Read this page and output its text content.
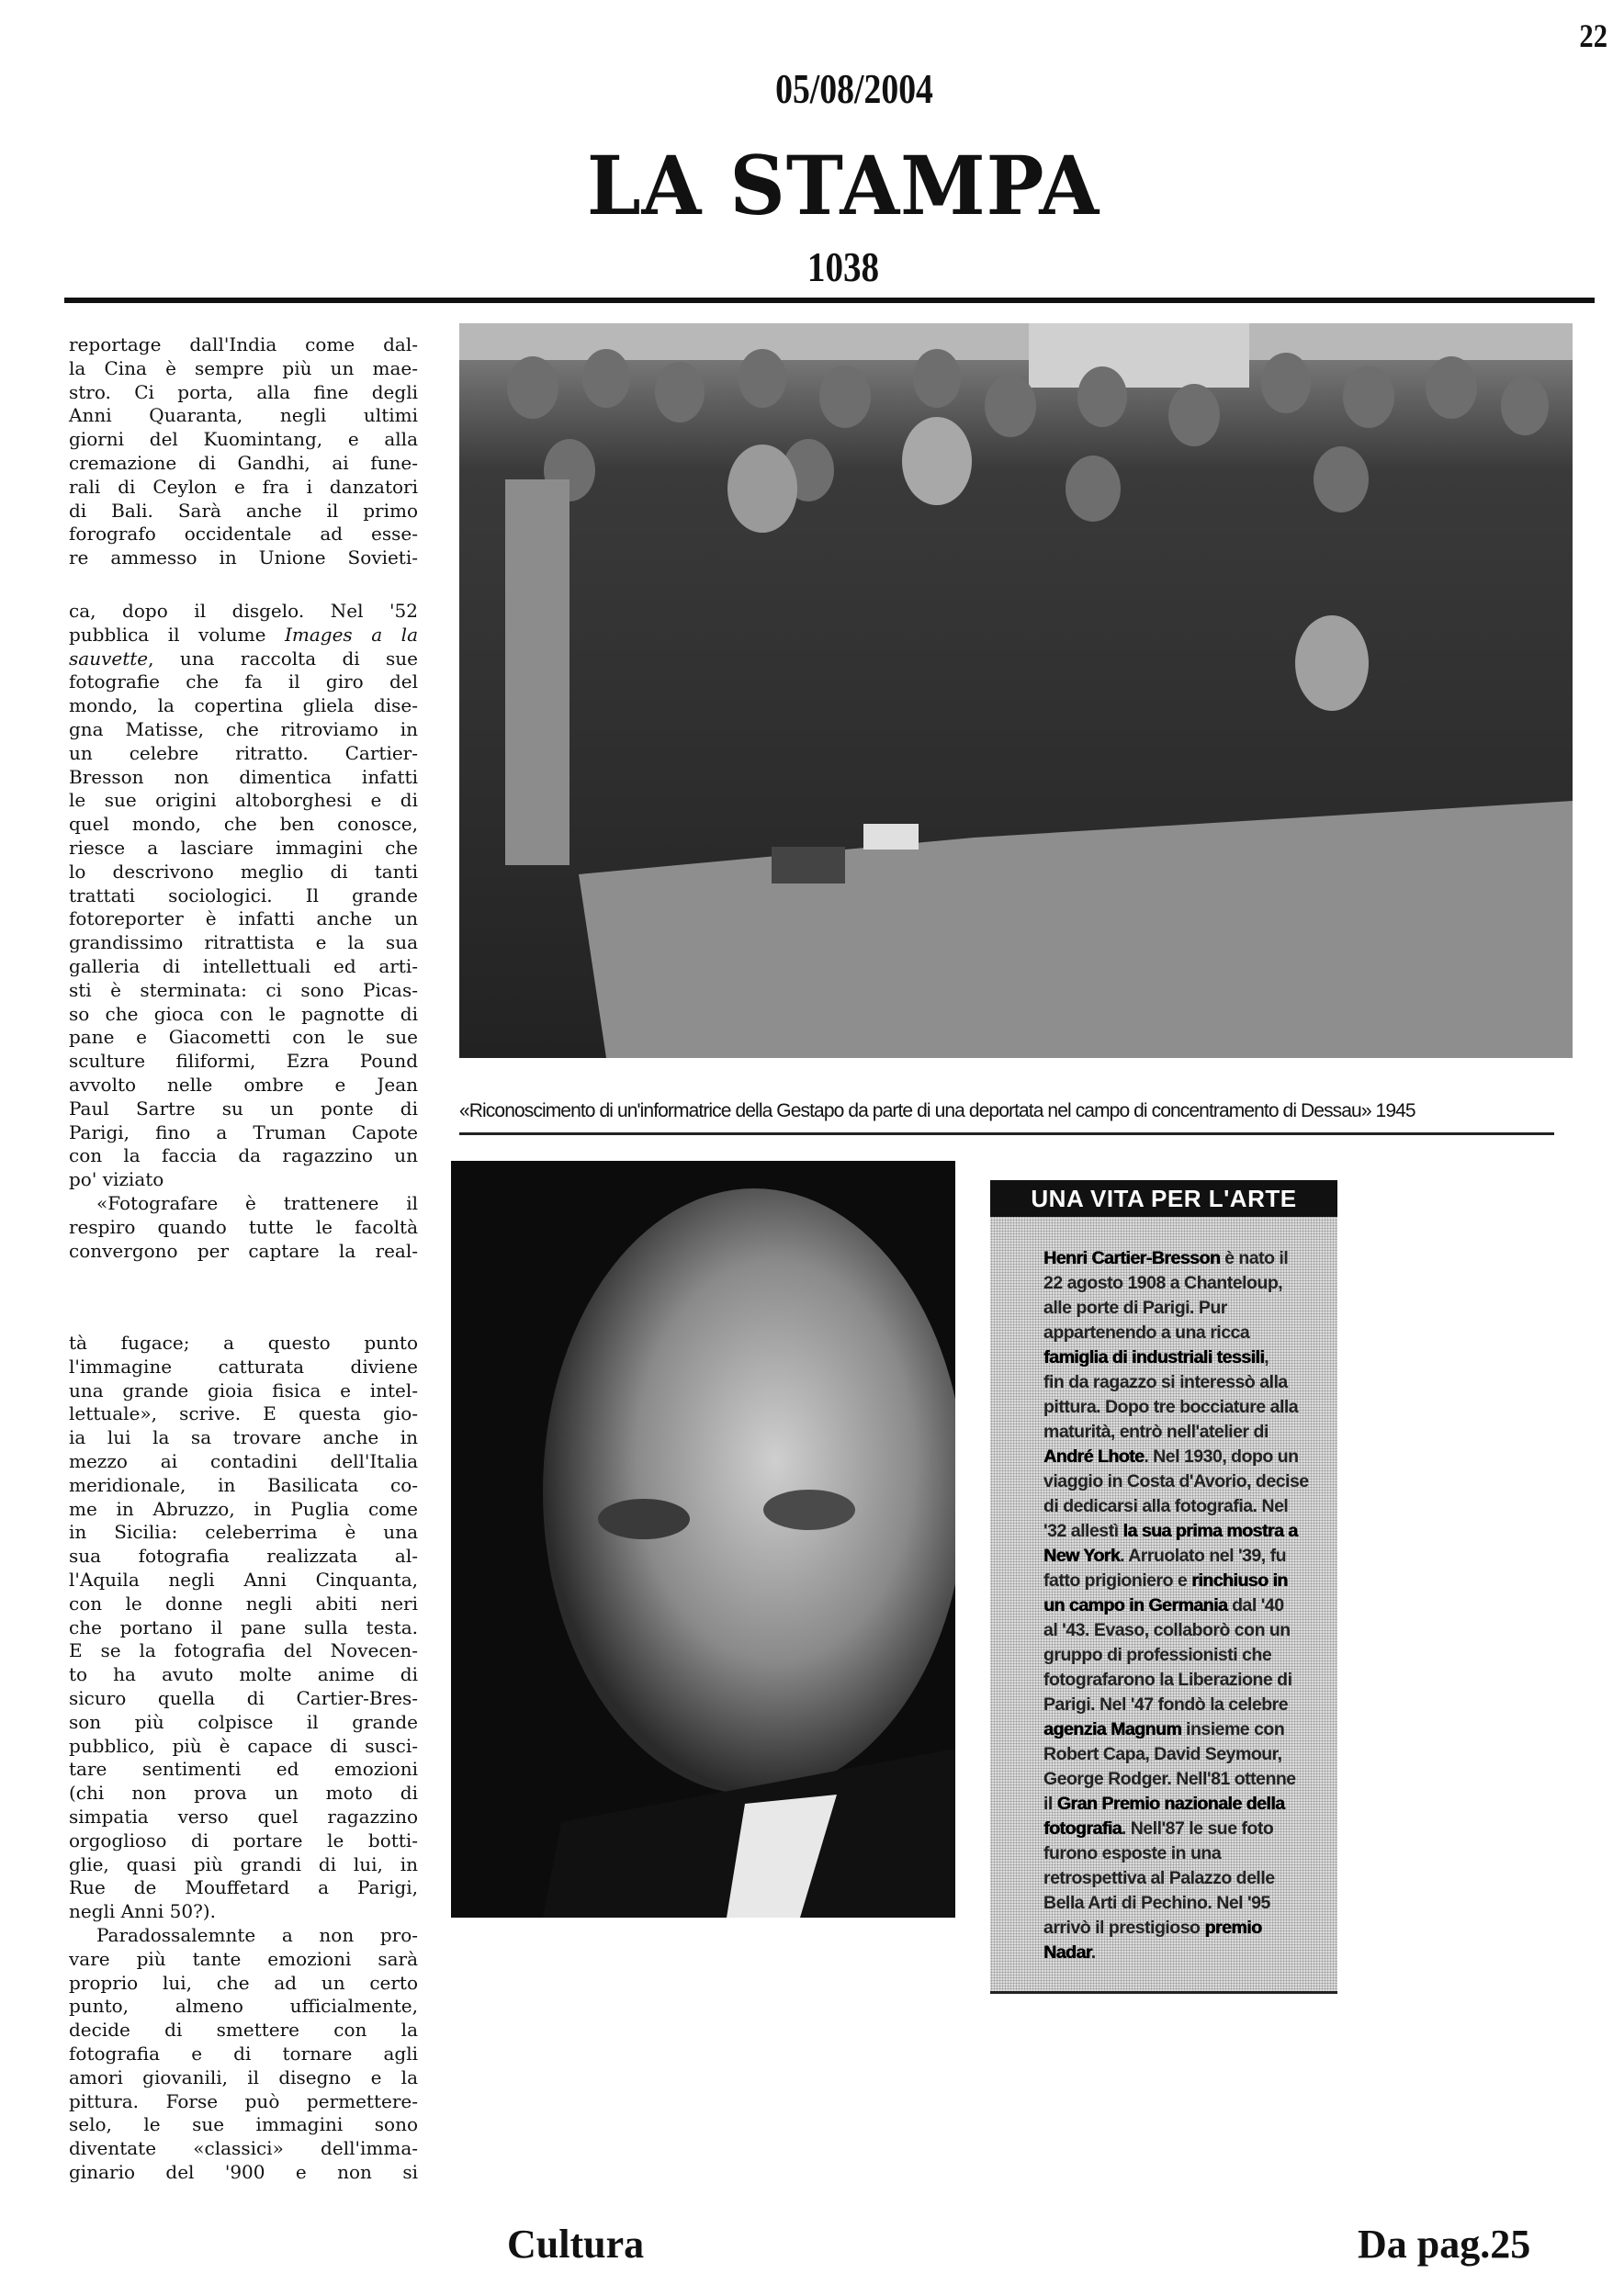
22
05/08/2004
LA STAMPA
1038
reportage dall'India come dal-
la Cina è sempre più un mae-
stro. Ci porta, alla fine degli
Anni Quaranta, negli ultimi
giorni del Kuomintang, e alla
cremazione di Gandhi, ai fune-
rali di Ceylon e fra i danzatori
di Bali. Sarà anche il primo
forografo occidentale ad esse-
re ammesso in Unione Sovieti-
ca, dopo il disgelo. Nel '52
pubblica il volume Images a la
sauvette, una raccolta di sue
fotografie che fa il giro del
mondo, la copertina gliela dise-
gna Matisse, che ritroviamo in
un celebre ritratto. Cartier-
Bresson non dimentica infatti
le sue origini altoborghesi e di
quel mondo, che ben conosce,
riesce a lasciare immagini che
lo descrivono meglio di tanti
trattati sociologici. Il grande
fotoreporter è infatti anche un
grandissimo ritrattista e la sua
galleria di intellettuali ed arti-
sti è sterminata: ci sono Picas-
so che gioca con le pagnotte di
pane e Giacometti con le sue
sculture filiformi, Ezra Pound
avvolto nelle ombre e Jean
Paul Sartre su un ponte di
Parigi, fino a Truman Capote
con la faccia da ragazzino un
po' viziato
«Fotografare è trattenere il
respiro quando tutte le facoltà
convergono per captare la real-
tà fugace; a questo punto
l'immagine catturata diviene
una grande gioia fisica e intel-
lettuale», scrive. E questa gio-
ia lui la sa trovare anche in
mezzo ai contadini dell'Italia
meridionale, in Basilicata co-
me in Abruzzo, in Puglia come
in Sicilia: celeberrima è una
sua fotografia realizzata al-
l'Aquila negli Anni Cinquanta,
con le donne negli abiti neri
che portano il pane sulla testa.
E se la fotografia del Novecen-
to ha avuto molte anime di
sicuro quella di Cartier-Bres-
son più colpisce il grande
pubblico, più è capace di susci-
tare sentimenti ed emozioni
(chi non prova un moto di
simpatia verso quel ragazzino
orgoglioso di portare le botti-
glie, quasi più grandi di lui, in
Rue de Mouffetard a Parigi,
negli Anni 50?).
Paradossalemnte a non pro-
vare più tante emozioni sarà
proprio lui, che ad un certo
punto, almeno ufficialmente,
decide di smettere con la
fotografia e di tornare agli
amori giovanili, il disegno e la
pittura. Forse può permettere-
selo, le sue immagini sono
diventate «classici» dell'imma-
ginario del '900 e non si
«Riconoscimento di un'informatrice della Gestapo da parte di una deportata nel campo di concentramento di Dessau» 1945
UNA VITA PER L'ARTE
Henri Cartier-Bresson è nato il
22 agosto 1908 a Chanteloup,
alle porte di Parigi. Pur
appartenendo a una ricca
famiglia di industriali tessili,
fin da ragazzo si interessò alla
pittura. Dopo tre bocciature alla
maturità, entrò nell'atelier di
André Lhote. Nel 1930, dopo un
viaggio in Costa d'Avorio, decise
di dedicarsi alla fotografia. Nel
'32 allestì la sua prima mostra a
New York. Arruolato nel '39, fu
fatto prigioniero e rinchiuso in
un campo in Germania dal '40
al '43. Evaso, collaborò con un
gruppo di professionisti che
fotografarono la Liberazione di
Parigi. Nel '47 fondò la celebre
agenzia Magnum insieme con
Robert Capa, David Seymour,
George Rodger. Nell'81 ottenne
il Gran Premio nazionale della
fotografia. Nell'87 le sue foto
furono esposte in una
retrospettiva al Palazzo delle
Bella Arti di Pechino. Nel '95
arrivò il prestigioso premio
Nadar.
Cultura	Da pag.25
